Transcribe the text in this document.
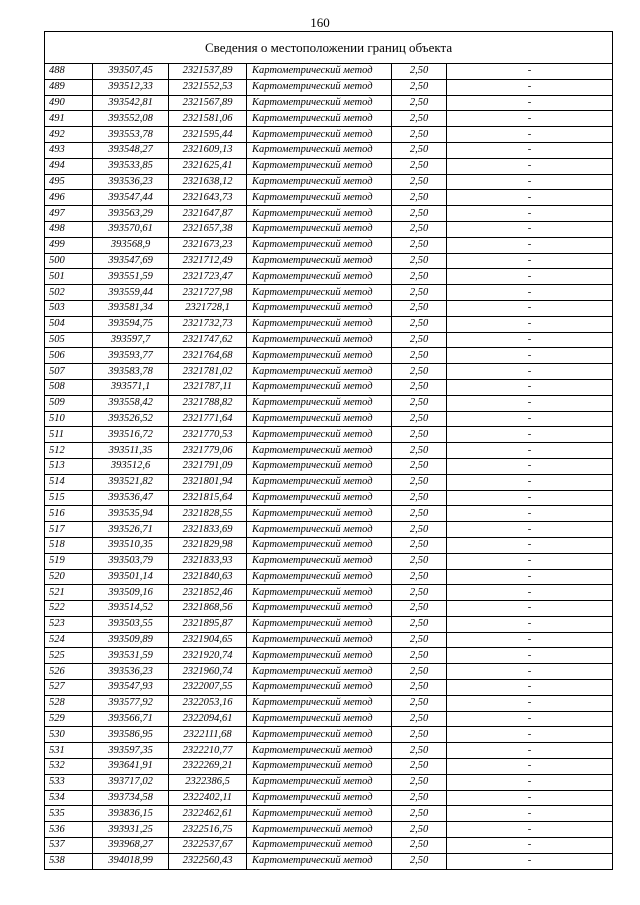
160
Сведения о местоположении границ объекта					
488	393507,45	2321537,89	Картометрический метод	2,50	-
489	393512,33	2321552,53	Картометрический метод	2,50	-
490	393542,81	2321567,89	Картометрический метод	2,50	-
491	393552,08	2321581,06	Картометрический метод	2,50	-
492	393553,78	2321595,44	Картометрический метод	2,50	-
493	393548,27	2321609,13	Картометрический метод	2,50	-
494	393533,85	2321625,41	Картометрический метод	2,50	-
495	393536,23	2321638,12	Картометрический метод	2,50	-
496	393547,44	2321643,73	Картометрический метод	2,50	-
497	393563,29	2321647,87	Картометрический метод	2,50	-
498	393570,61	2321657,38	Картометрический метод	2,50	-
499	393568,9	2321673,23	Картометрический метод	2,50	-
500	393547,69	2321712,49	Картометрический метод	2,50	-
501	393551,59	2321723,47	Картометрический метод	2,50	-
502	393559,44	2321727,98	Картометрический метод	2,50	-
503	393581,34	2321728,1	Картометрический метод	2,50	-
504	393594,75	2321732,73	Картометрический метод	2,50	-
505	393597,7	2321747,62	Картометрический метод	2,50	-
506	393593,77	2321764,68	Картометрический метод	2,50	-
507	393583,78	2321781,02	Картометрический метод	2,50	-
508	393571,1	2321787,11	Картометрический метод	2,50	-
509	393558,42	2321788,82	Картометрический метод	2,50	-
510	393526,52	2321771,64	Картометрический метод	2,50	-
511	393516,72	2321770,53	Картометрический метод	2,50	-
512	393511,35	2321779,06	Картометрический метод	2,50	-
513	393512,6	2321791,09	Картометрический метод	2,50	-
514	393521,82	2321801,94	Картометрический метод	2,50	-
515	393536,47	2321815,64	Картометрический метод	2,50	-
516	393535,94	2321828,55	Картометрический метод	2,50	-
517	393526,71	2321833,69	Картометрический метод	2,50	-
518	393510,35	2321829,98	Картометрический метод	2,50	-
519	393503,79	2321833,93	Картометрический метод	2,50	-
520	393501,14	2321840,63	Картометрический метод	2,50	-
521	393509,16	2321852,46	Картометрический метод	2,50	-
522	393514,52	2321868,56	Картометрический метод	2,50	-
523	393503,55	2321895,87	Картометрический метод	2,50	-
524	393509,89	2321904,65	Картометрический метод	2,50	-
525	393531,59	2321920,74	Картометрический метод	2,50	-
526	393536,23	2321960,74	Картометрический метод	2,50	-
527	393547,93	2322007,55	Картометрический метод	2,50	-
528	393577,92	2322053,16	Картометрический метод	2,50	-
529	393566,71	2322094,61	Картометрический метод	2,50	-
530	393586,95	2322111,68	Картометрический метод	2,50	-
531	393597,35	2322210,77	Картометрический метод	2,50	-
532	393641,91	2322269,21	Картометрический метод	2,50	-
533	393717,02	2322386,5	Картометрический метод	2,50	-
534	393734,58	2322402,11	Картометрический метод	2,50	-
535	393836,15	2322462,61	Картометрический метод	2,50	-
536	393931,25	2322516,75	Картометрический метод	2,50	-
537	393968,27	2322537,67	Картометрический метод	2,50	-
538	394018,99	2322560,43	Картометрический метод	2,50	-
